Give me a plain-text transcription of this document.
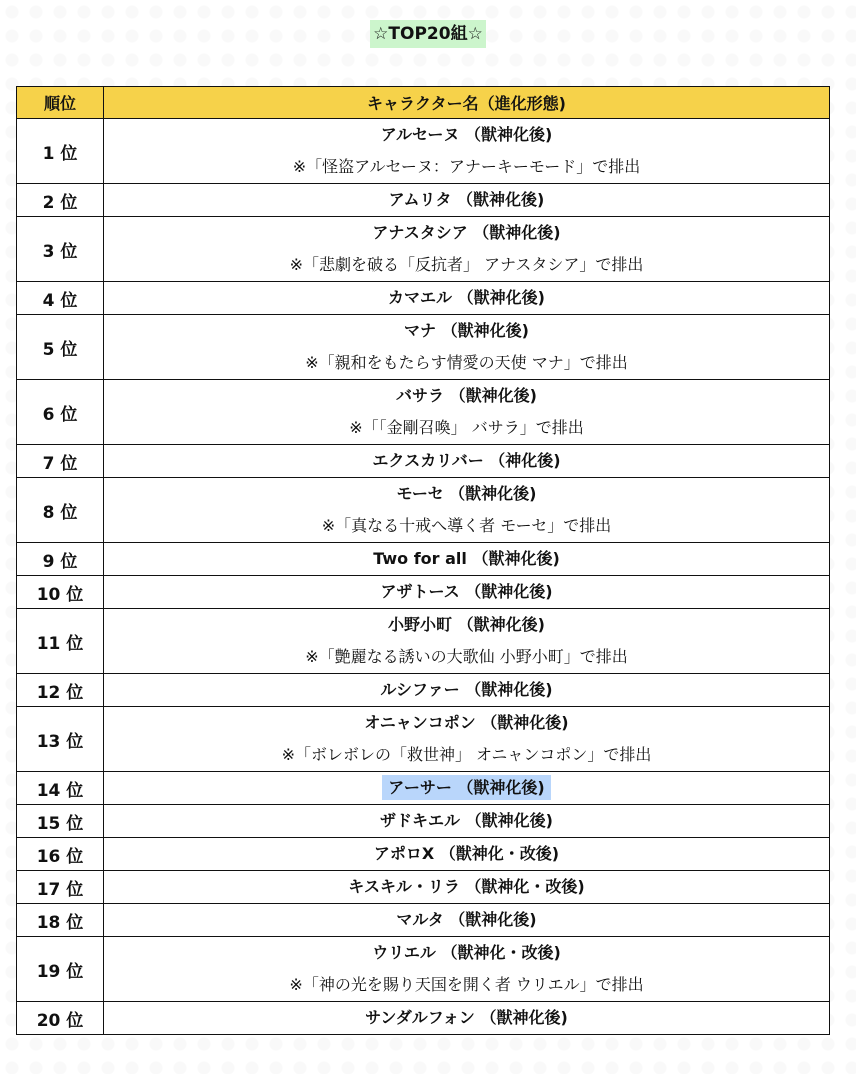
☆TOP20組☆
順位	キャラクター名（進化形態)
1 位	アルセーヌ （獣神化後)
※「怪盗アルセーヌ：アナーキーモード」で排出

2 位	アムリタ （獣神化後)

3 位	アナスタシア （獣神化後)
※「悲劇を破る「反抗者」 アナスタシア」で排出

4 位	カマエル （獣神化後)

5 位	マナ （獣神化後)
※「親和をもたらす情愛の天使 マナ」で排出

6 位	バサラ （獣神化後)
※「「金剛召喚」 バサラ」で排出

7 位	エクスカリバー （神化後)

8 位	モーセ （獣神化後)
※「真なる十戒へ導く者 モーセ」で排出

9 位	Two for all （獣神化後)

10 位	アザトース （獣神化後)

11 位	小野小町 （獣神化後)
※「艶麗なる誘いの大歌仙 小野小町」で排出

12 位	ルシファー （獣神化後)

13 位	オニャンコポン （獣神化後)
※「ボレボレの「救世神」 オニャンコポン」で排出

14 位	アーサー （獣神化後)

15 位	ザドキエル （獣神化後)

16 位	アポロX （獣神化・改後)

17 位	キスキル・リラ （獣神化・改後)

18 位	マルタ （獣神化後)

19 位	ウリエル （獣神化・改後)
※「神の光を賜り天国を開く者 ウリエル」で排出

20 位	サンダルフォン （獣神化後)
